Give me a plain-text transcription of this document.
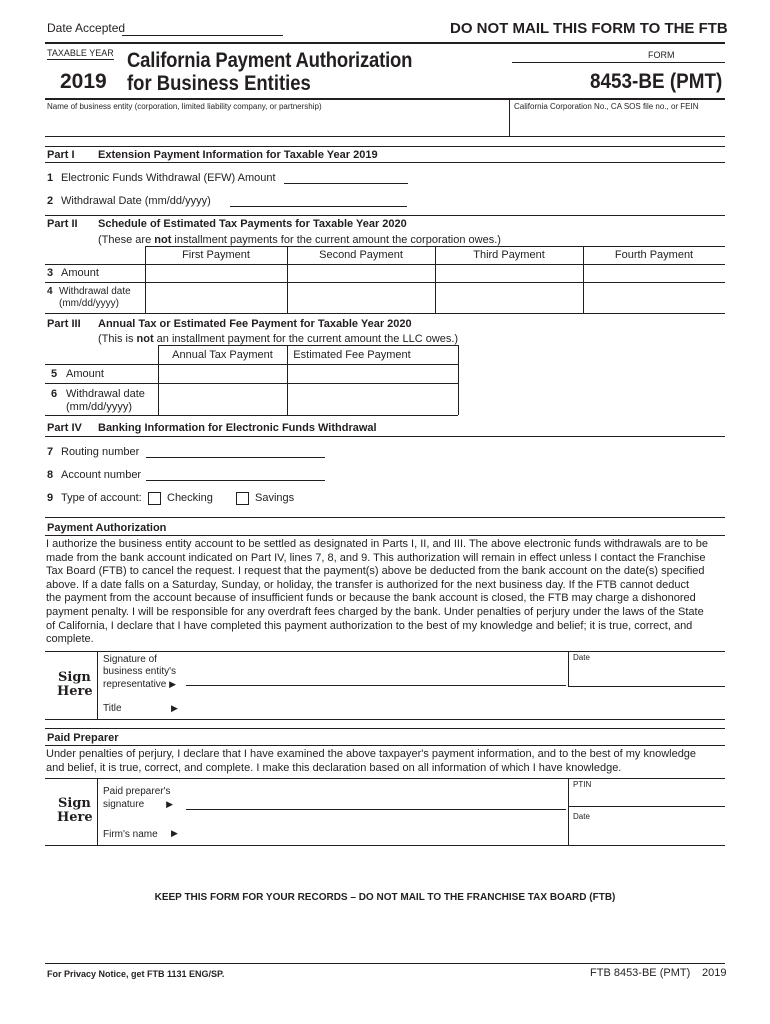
Date Accepted	DO NOT MAIL THIS FORM TO THE FTB
TAXABLE YEAR
2019
California Payment Authorization
for Business Entities
FORM
8453-BE (PMT)
Name of business entity (corporation, limited liability company, or partnership)	California Corporation No., CA SOS file no., or FEIN
Part I Extension Payment Information for Taxable Year 2019
1 Electronic Funds Withdrawal (EFW) Amount
2 Withdrawal Date (mm/dd/yyyy)
Part II Schedule of Estimated Tax Payments for Taxable Year 2020
(These are not installment payments for the current amount the corporation owes.)
First Payment	Second Payment	Third Payment	Fourth Payment
3 Amount
4 Withdrawal date
(mm/dd/yyyy)
Part III Annual Tax or Estimated Fee Payment for Taxable Year 2020
(This is not an installment payment for the current amount the LLC owes.)
Annual Tax Payment	Estimated Fee Payment
5 Amount
6 Withdrawal date
(mm/dd/yyyy)
Part IV Banking Information for Electronic Funds Withdrawal
7 Routing number
8 Account number
9 Type of account: Checking	Savings
Payment Authorization
I authorize the business entity account to be settled as designated in Parts I, II, and III. The above electronic funds withdrawals are to be
made from the bank account indicated on Part IV, lines 7, 8, and 9. This authorization will remain in effect unless I contact the Franchise
Tax Board (FTB) to cancel the request. I request that the payment(s) above be deducted from the bank account on the date(s) specified
above. If a date falls on a Saturday, Sunday, or holiday, the transfer is authorized for the next business day. If the FTB cannot deduct
the payment from the account because of insufficient funds or because the bank account is closed, the FTB may charge a dishonored
payment penalty. I will be responsible for any overdraft fees charged by the bank. Under penalties of perjury under the laws of the State
of California, I declare that I have completed this payment authorization to the best of my knowledge and belief; it is true, correct, and
complete.
Sign
Here
Signature of
business entity's
representative ▶
Date
Title	▶
Paid Preparer
Under penalties of perjury, I declare that I have examined the above taxpayer's payment information, and to the best of my knowledge
and belief, it is true, correct, and complete. I make this declaration based on all information of which I have knowledge.
Sign
Here
Paid preparer's
signature ▶
PTIN
Date
Firm's name ▶
KEEP THIS FORM FOR YOUR RECORDS – DO NOT MAIL TO THE FRANCHISE TAX BOARD (FTB)
For Privacy Notice, get FTB 1131 ENG/SP.	FTB 8453-BE (PMT) 2019
